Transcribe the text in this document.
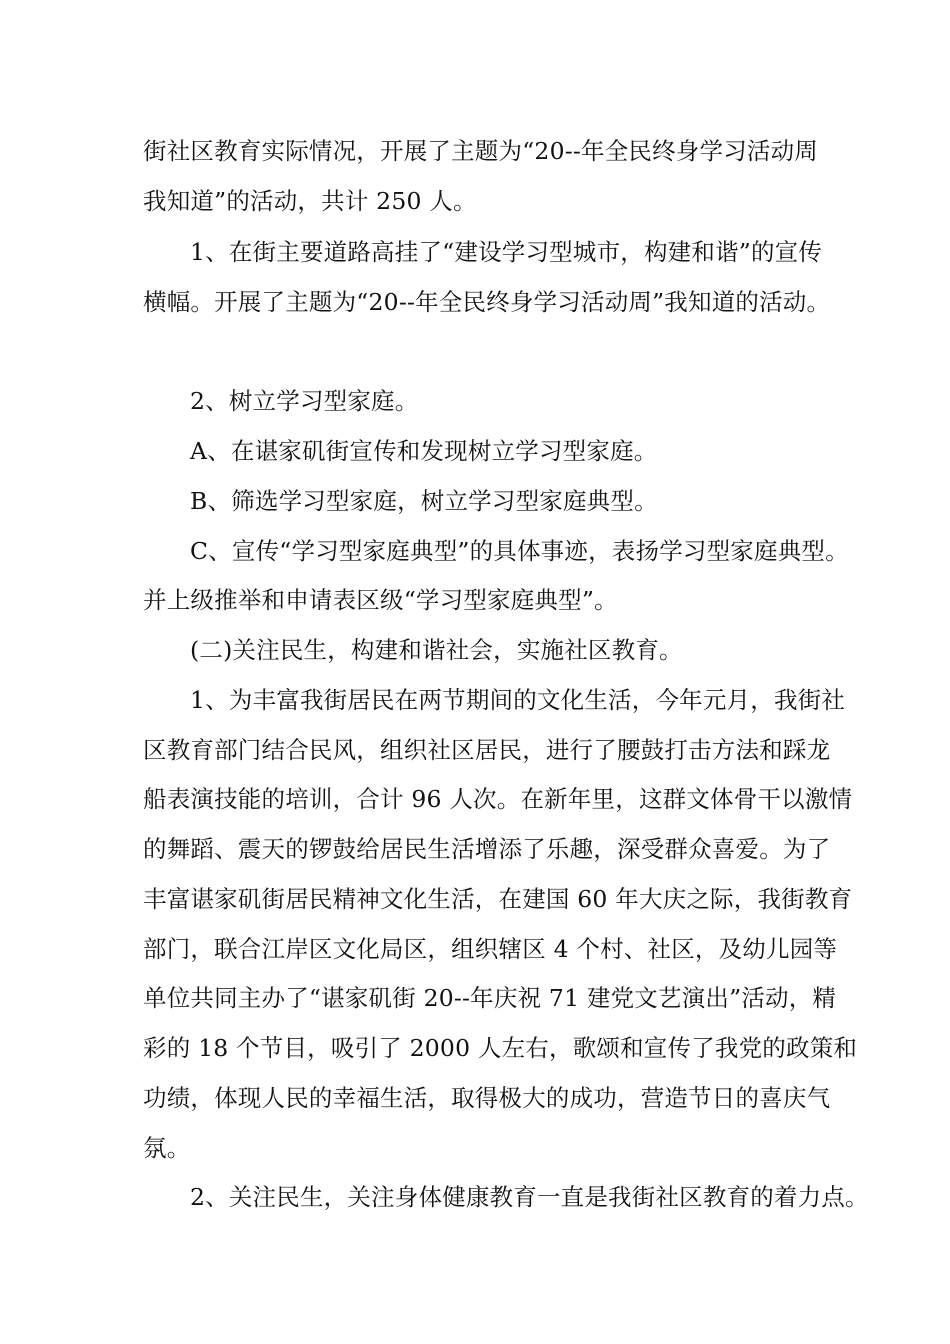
街社区教育实际情况，开展了主题为“20--年全民终身学习活动周
我知道”的活动，共计 250 人。
1、在街主要道路高挂了“建设学习型城市，构建和谐”的宣传
横幅。开展了主题为“20--年全民终身学习活动周”我知道的活动。
2、树立学习型家庭。
A、在谌家矶街宣传和发现树立学习型家庭。
B、筛选学习型家庭，树立学习型家庭典型。
C、宣传“学习型家庭典型”的具体事迹，表扬学习型家庭典型。
并上级推举和申请表区级“学习型家庭典型”。
(二)关注民生，构建和谐社会，实施社区教育。
1、为丰富我街居民在两节期间的文化生活，今年元月，我街社
区教育部门结合民风，组织社区居民，进行了腰鼓打击方法和踩龙
船表演技能的培训，合计 96 人次。在新年里，这群文体骨干以激情
的舞蹈、震天的锣鼓给居民生活增添了乐趣，深受群众喜爱。为了
丰富谌家矶街居民精神文化生活，在建国 60 年大庆之际，我街教育
部门，联合江岸区文化局区，组织辖区 4 个村、社区，及幼儿园等
单位共同主办了“谌家矶街 20--年庆祝 71 建党文艺演出”活动，精
彩的 18 个节目，吸引了 2000 人左右，歌颂和宣传了我党的政策和
功绩，体现人民的幸福生活，取得极大的成功，营造节日的喜庆气
氛。
2、关注民生，关注身体健康教育一直是我街社区教育的着力点。
